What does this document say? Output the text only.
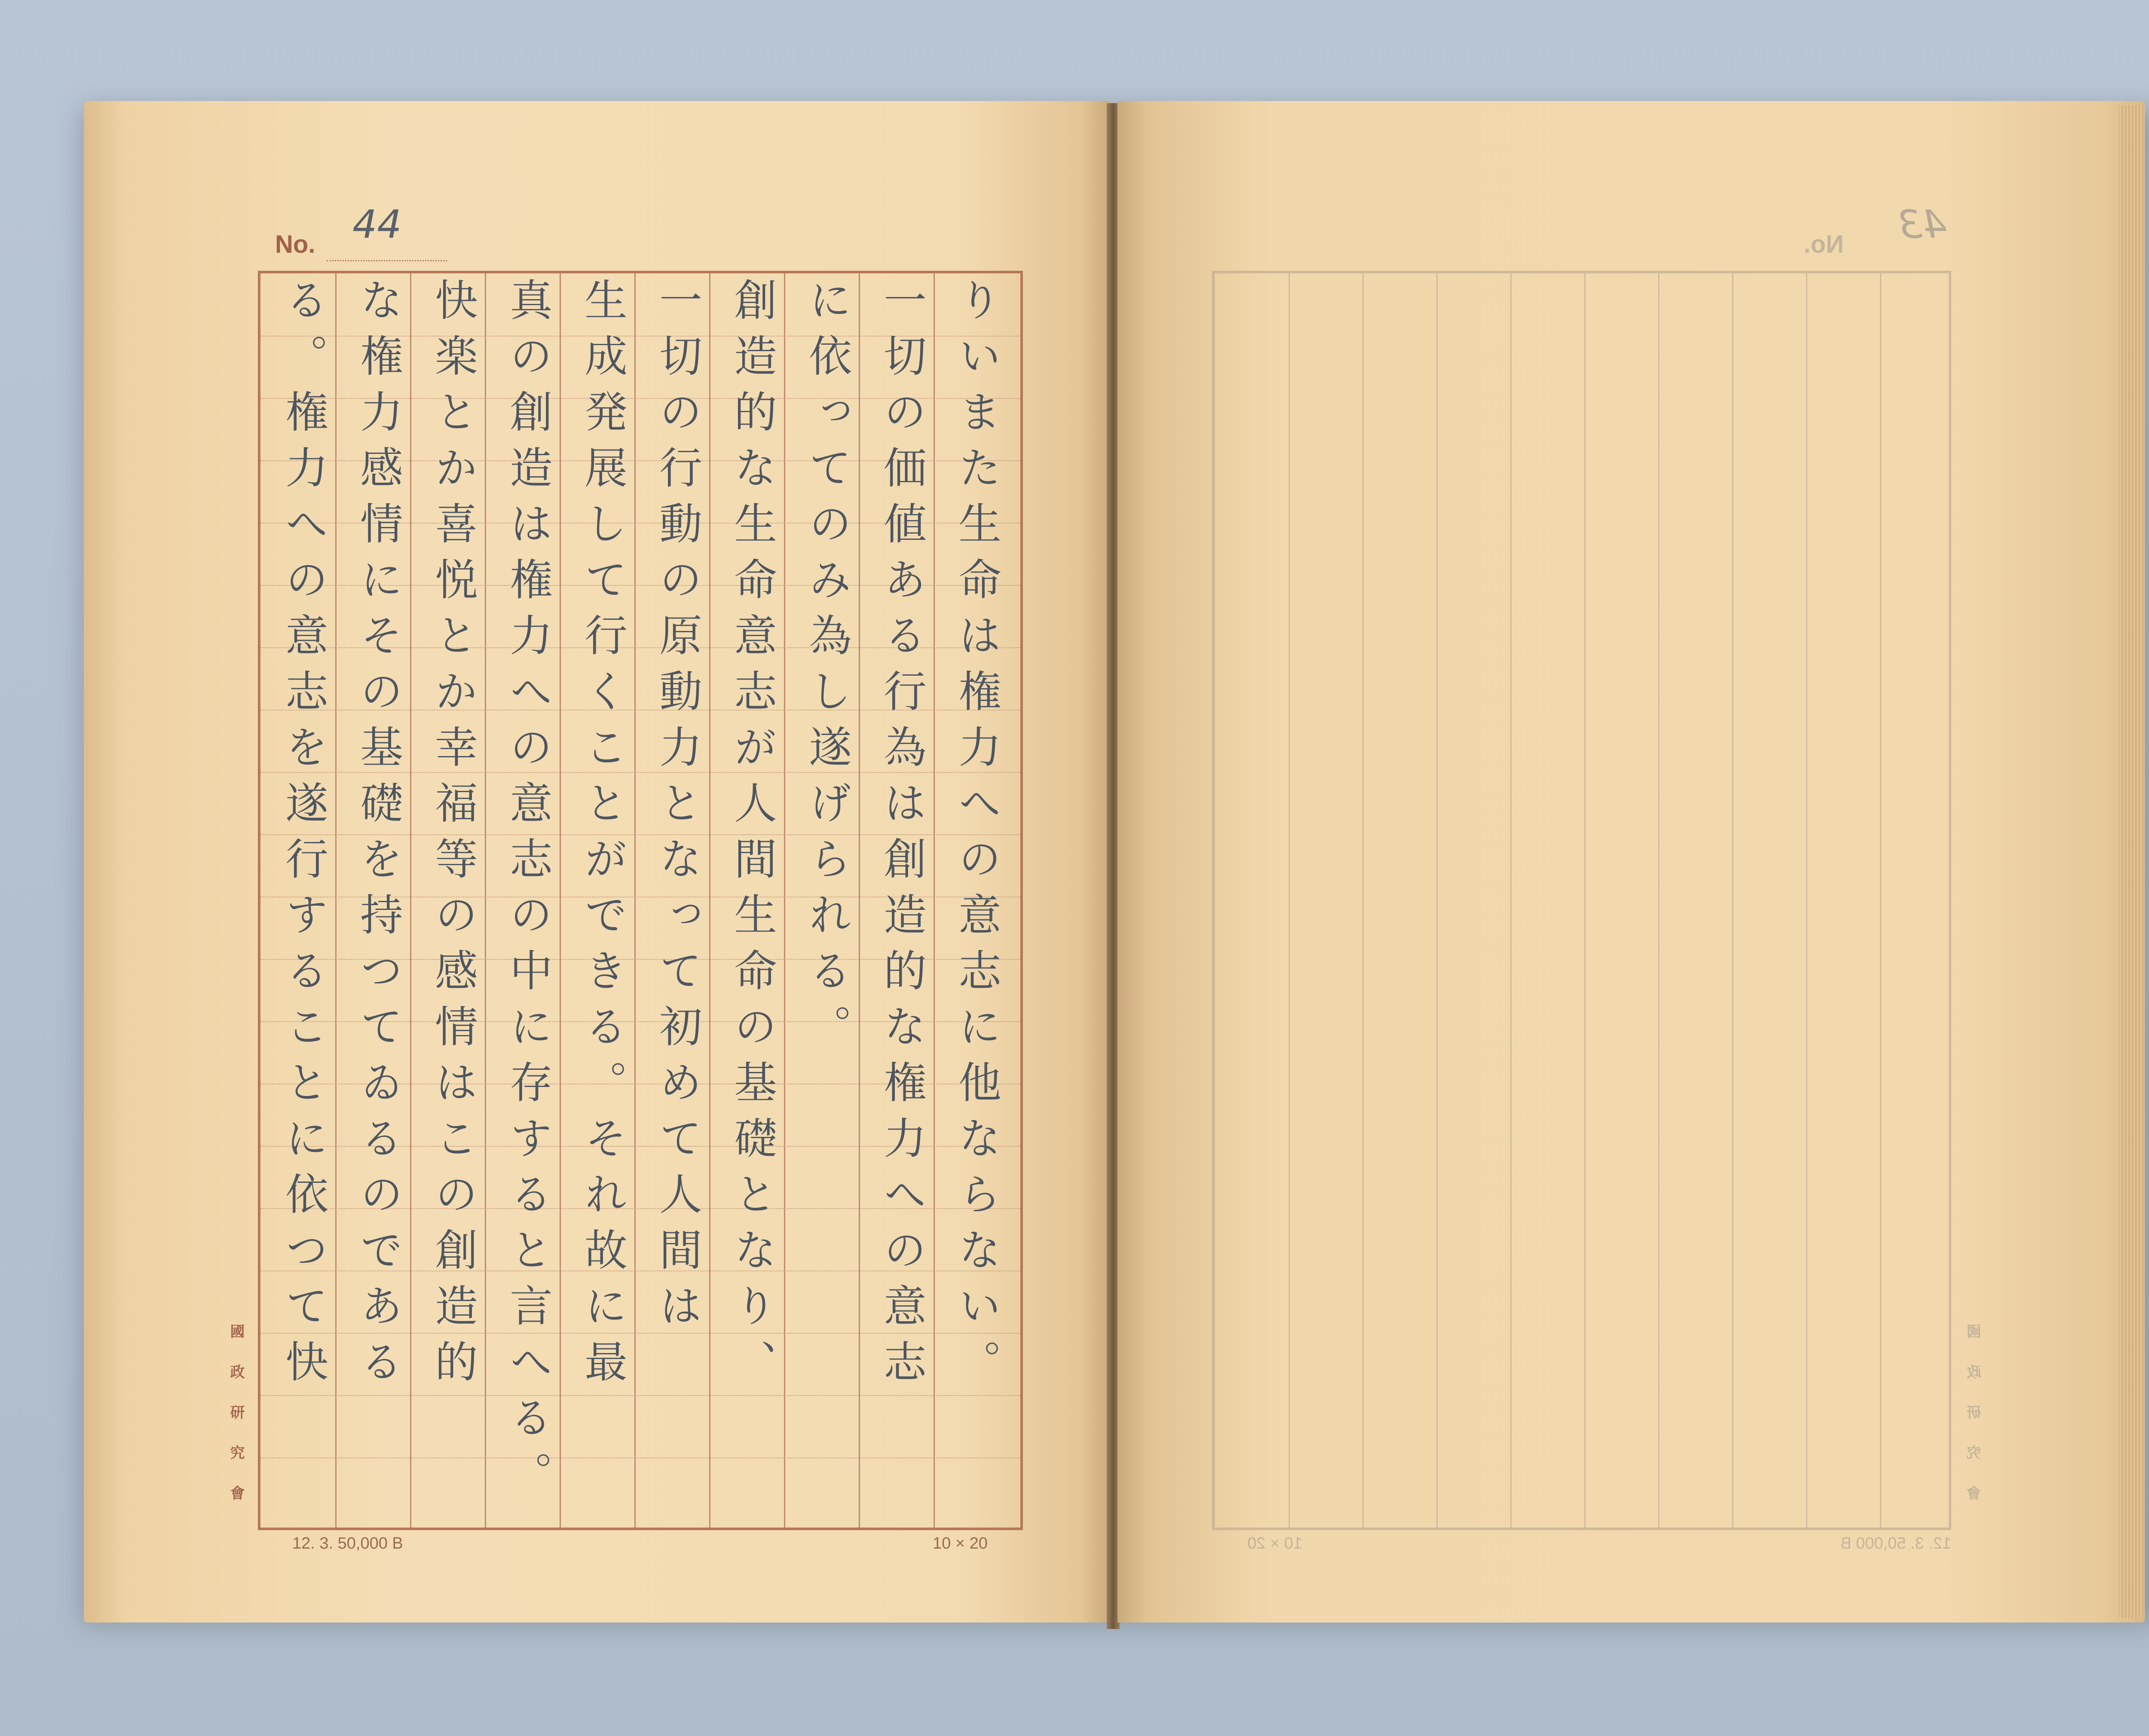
No. 44
りいまた生命は権力への意志に他ならない。
一切の価値ある行為は創造的な権力への意志
に依ってのみ為し遂げられる。
創造的な生命意志が人間生命の基礎となり、
一切の行動の原動力となって初めて人間は
生成発展して行くことができる。それ故に最
真の創造は権力への意志の中に存すると言へる。
快楽とか喜悦とか幸福等の感情はこの創造的
な権力感情にその基礎を持つてゐるのである
る。権力への意志を遂行することに依つて快
國政研究會
12. 3. 50,000 B	10 × 20
No. 43
國政研究會
12. 3. 50,000 B
10 × 20
